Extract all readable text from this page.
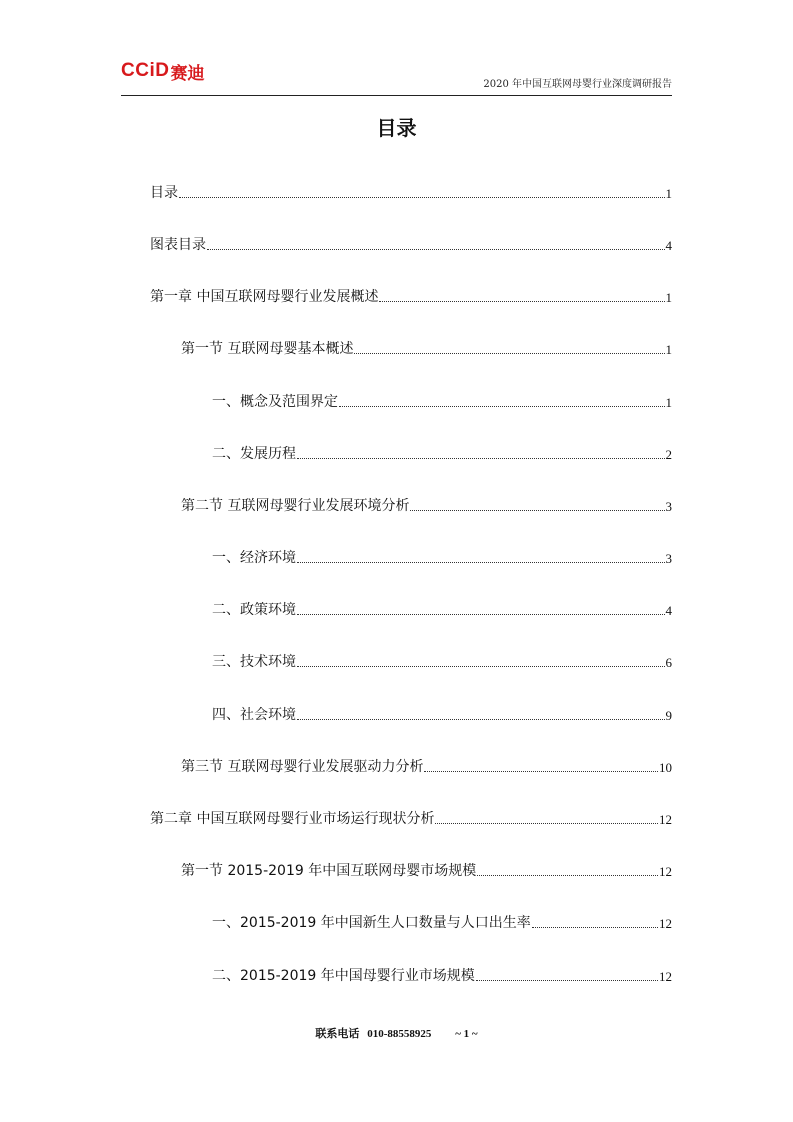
CCiD 赛迪
2020 年中国互联网母婴行业深度调研报告
目录
目录	1
图表目录	4
第一章 中国互联网母婴行业发展概述	1
第一节 互联网母婴基本概述	1
一、概念及范围界定	1
二、发展历程	2
第二节 互联网母婴行业发展环境分析	3
一、经济环境	3
二、政策环境	4
三、技术环境	6
四、社会环境	9
第三节 互联网母婴行业发展驱动力分析	10
第二章 中国互联网母婴行业市场运行现状分析	12
第一节 2015-2019 年中国互联网母婴市场规模	12
一、2015-2019 年中国新生人口数量与人口出生率	12
二、2015-2019 年中国母婴行业市场规模	12
联系电话 010-88558925 ~ 1 ~
